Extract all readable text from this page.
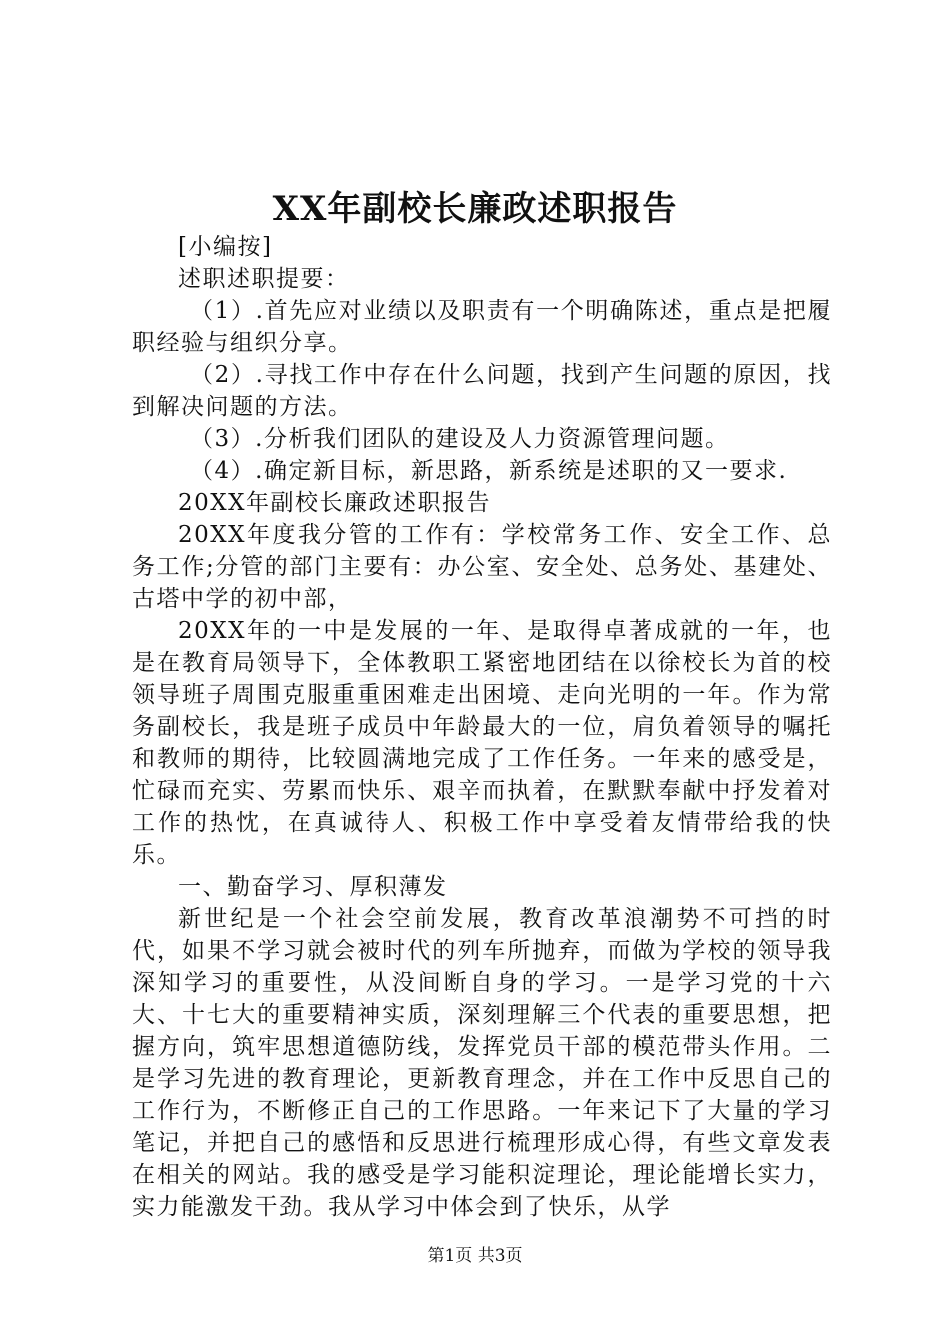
XX年副校长廉政述职报告

[小编按]

述职述职提要：

（1）.首先应对业绩以及职责有一个明确陈述，重点是把履职经验与组织分享。

（2）.寻找工作中存在什么问题，找到产生问题的原因，找到解决问题的方法。

（3）.分析我们团队的建设及人力资源管理问题。

（4）.确定新目标，新思路，新系统是述职的又一要求.

20XX年副校长廉政述职报告

20XX年度我分管的工作有：学校常务工作、安全工作、总务工作;分管的部门主要有：办公室、安全处、总务处、基建处、古塔中学的初中部，

20XX年的一中是发展的一年、是取得卓著成就的一年，也是在教育局领导下，全体教职工紧密地团结在以徐校长为首的校领导班子周围克服重重困难走出困境、走向光明的一年。作为常务副校长，我是班子成员中年龄最大的一位，肩负着领导的嘱托和教师的期待，比较圆满地完成了工作任务。一年来的感受是，忙碌而充实、劳累而快乐、艰辛而执着，在默默奉献中抒发着对工作的热忱，在真诚待人、积极工作中享受着友情带给我的快乐。

一、勤奋学习、厚积薄发

新世纪是一个社会空前发展，教育改革浪潮势不可挡的时代，如果不学习就会被时代的列车所抛弃，而做为学校的领导我深知学习的重要性，从没间断自身的学习。一是学习党的十六大、十七大的重要精神实质，深刻理解三个代表的重要思想，把握方向，筑牢思想道德防线，发挥党员干部的模范带头作用。二是学习先进的教育理论，更新教育理念，并在工作中反思自己的工作行为，不断修正自己的工作思路。一年来记下了大量的学习笔记，并把自己的感悟和反思进行梳理形成心得，有些文章发表在相关的网站。我的感受是学习能积淀理论，理论能增长实力，实力能激发干劲。我从学习中体会到了快乐，从学

第1页 共3页
